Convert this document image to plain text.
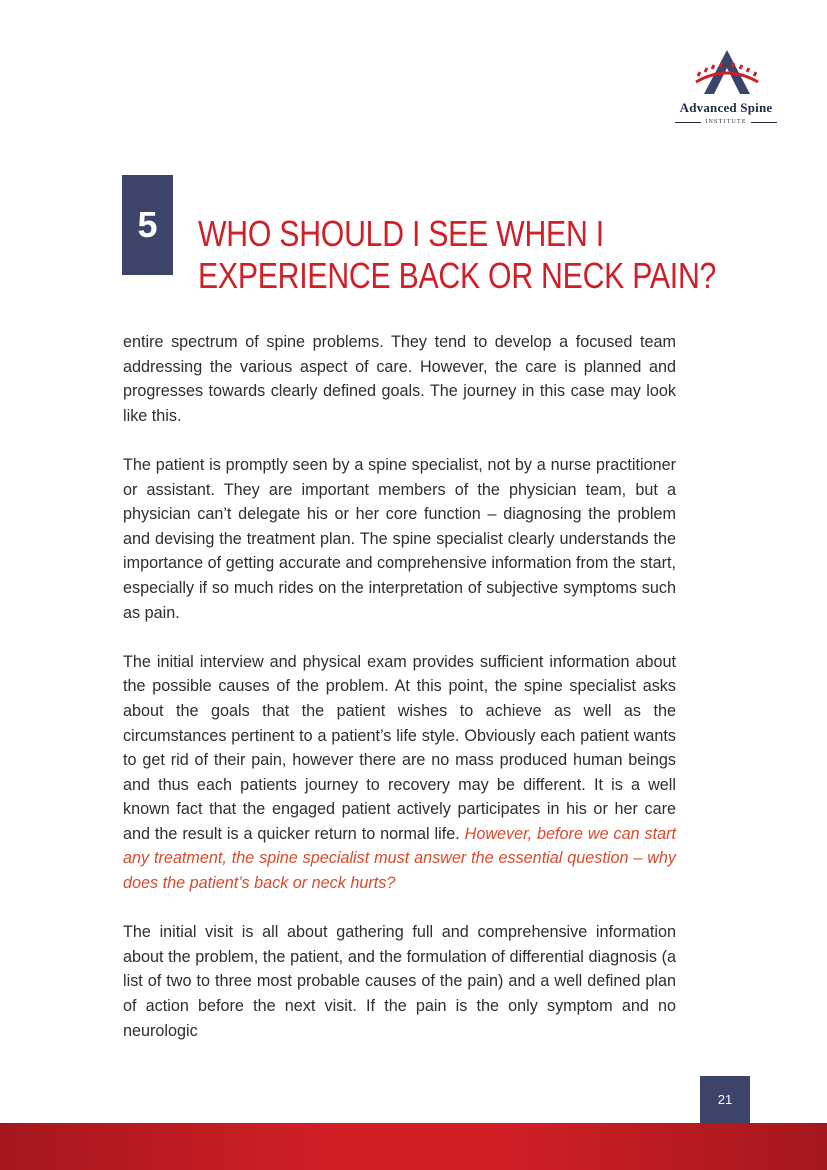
Advanced Spine
INSTITUTE
5	WHO SHOULD I SEE WHEN I
EXPERIENCE BACK OR NECK PAIN?

entire spectrum of spine problems. They tend to develop a focused team addressing the various aspect of care. However, the care is planned and progresses towards clearly defined goals. The journey in this case may look like this.

The patient is promptly seen by a spine specialist, not by a nurse practitioner or assistant. They are important members of the physician team, but a physician can’t delegate his or her core function – diagnosing the problem and devising the treatment plan. The spine specialist clearly understands the importance of getting accurate and comprehensive information from the start, especially if so much rides on the interpretation of subjective symptoms such as pain.

The initial interview and physical exam provides sufficient information about the possible causes of the problem. At this point, the spine specialist asks about the goals that the patient wishes to achieve as well as the circumstances pertinent to a patient’s life style. Obviously each patient wants to get rid of their pain, however there are no mass produced human beings and thus each patients journey to recovery may be different. It is a well known fact that the engaged patient actively participates in his or her care and the result is a quicker return to normal life. However, before we can start any treatment, the spine specialist must answer the essential question – why does the patient’s back or neck hurts?

The initial visit is all about gathering full and comprehensive information about the problem, the patient, and the formulation of differential diagnosis (a list of two to three most probable causes of the pain) and a well defined plan of action before the next visit. If the pain is the only symptom and no neurologic

21
